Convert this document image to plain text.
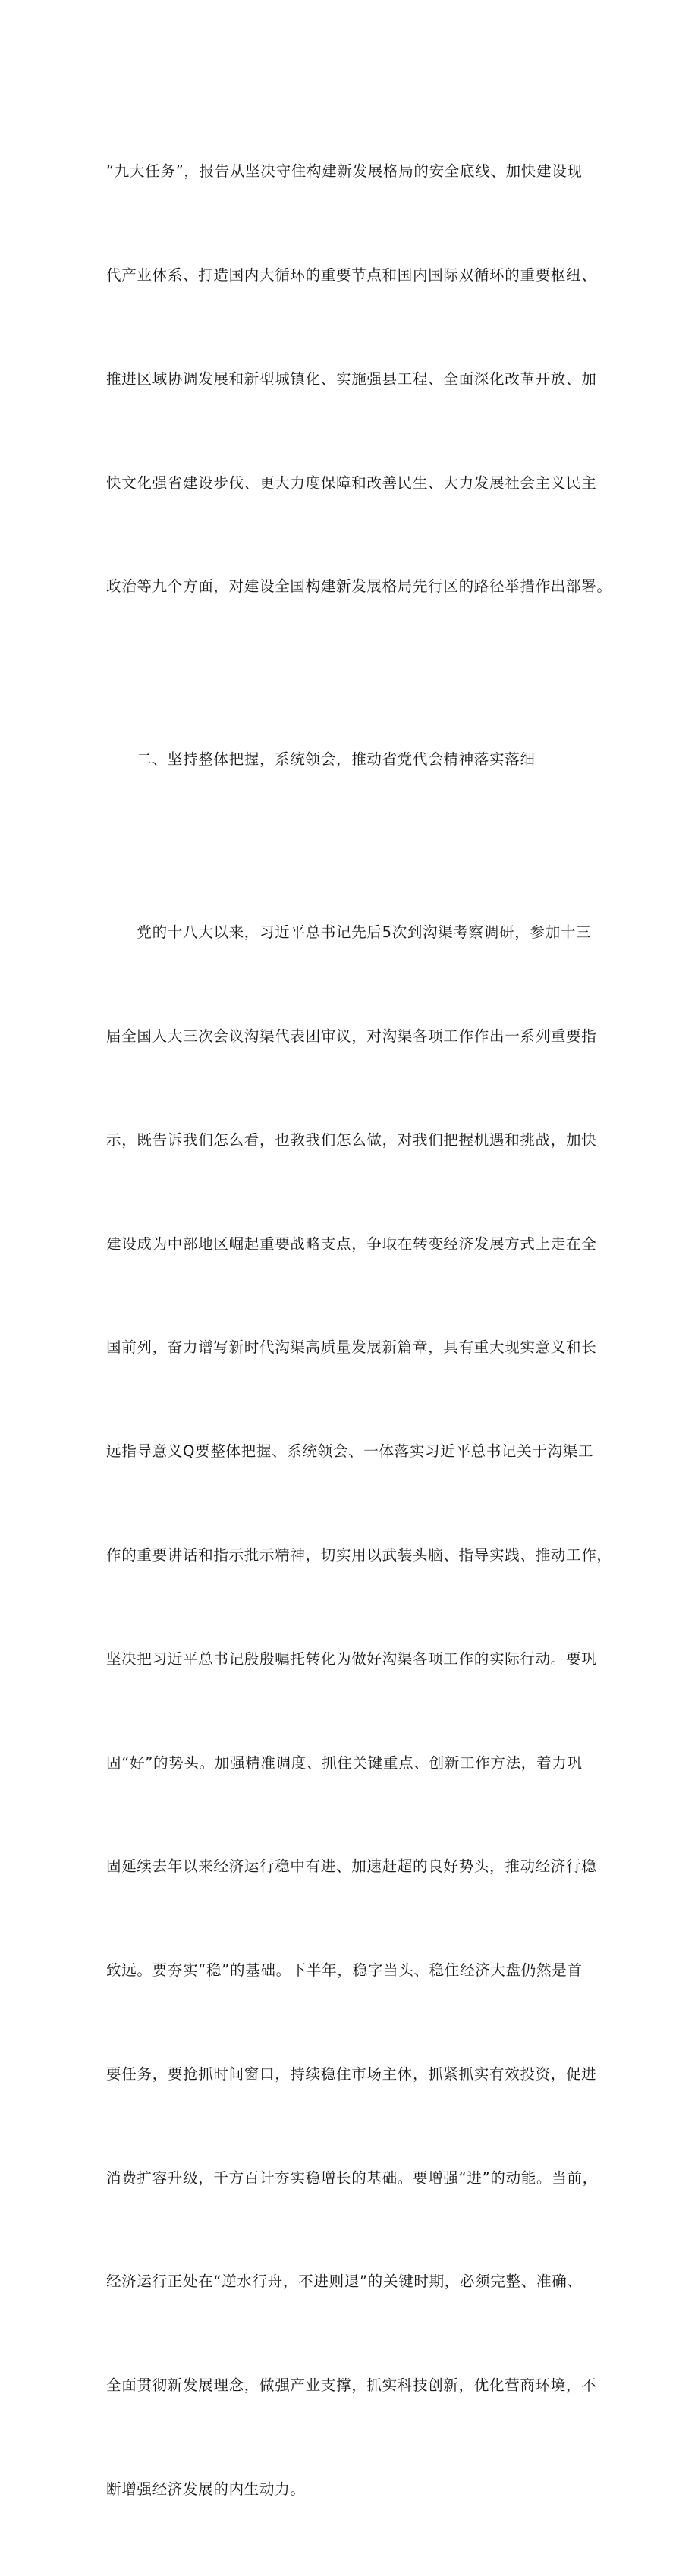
“九大任务”，报告从坚决守住构建新发展格局的安全底线、加快建设现

代产业体系、打造国内大循环的重要节点和国内国际双循环的重要枢纽、

推进区域协调发展和新型城镇化、实施强县工程、全面深化改革开放、加

快文化强省建设步伐、更大力度保障和改善民生、大力发展社会主义民主

政治等九个方面，对建设全国构建新发展格局先行区的路径举措作出部署。

　　二、坚持整体把握，系统领会，推动省党代会精神落实落细

　　党的十八大以来，习近平总书记先后5次到沟渠考察调研，参加十三

届全国人大三次会议沟渠代表团审议，对沟渠各项工作作出一系列重要指

示，既告诉我们怎么看，也教我们怎么做，对我们把握机遇和挑战，加快

建设成为中部地区崛起重要战略支点，争取在转变经济发展方式上走在全

国前列，奋力谱写新时代沟渠高质量发展新篇章，具有重大现实意义和长

远指导意义Q要整体把握、系统领会、一体落实习近平总书记关于沟渠工

作的重要讲话和指示批示精神，切实用以武装头脑、指导实践、推动工作，

坚决把习近平总书记殷殷嘱托转化为做好沟渠各项工作的实际行动。要巩

固“好”的势头。加强精准调度、抓住关键重点、创新工作方法，着力巩

固延续去年以来经济运行稳中有进、加速赶超的良好势头，推动经济行稳

致远。要夯实“稳”的基础。下半年，稳字当头、稳住经济大盘仍然是首

要任务，要抢抓时间窗口，持续稳住市场主体，抓紧抓实有效投资，促进

消费扩容升级，千方百计夯实稳增长的基础。要增强“进”的动能。当前，

经济运行正处在“逆水行舟，不进则退”的关键时期，必须完整、准确、

全面贯彻新发展理念，做强产业支撑，抓实科技创新，优化营商环境，不

断增强经济发展的内生动力。
